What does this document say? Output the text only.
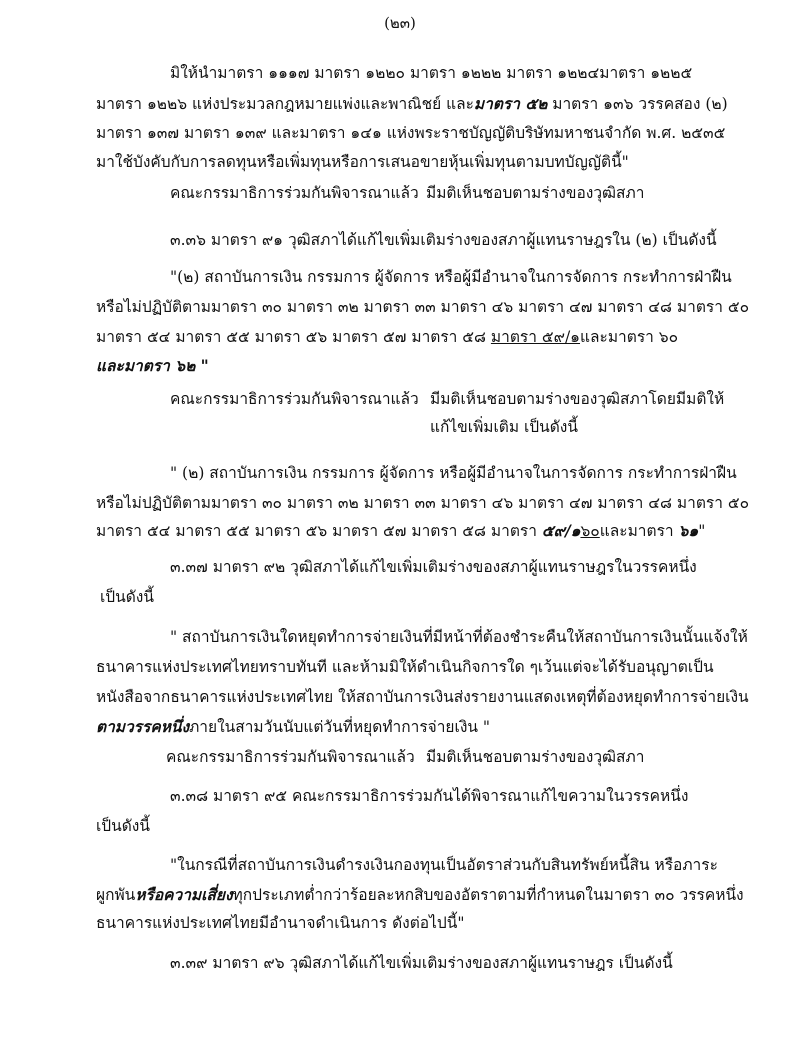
(๒๓)
มิให้นำมาตรา ๑๑๑๗ มาตรา ๑๒๒๐ มาตรา ๑๒๒๒ มาตรา ๑๒๒๔มาตรา ๑๒๒๕
มาตรา ๑๒๒๖ แห่งประมวลกฎหมายแพ่งและพาณิชย์ และมาตรา ๕๒ มาตรา ๑๓๖ วรรคสอง (๒)
มาตรา ๑๓๗ มาตรา ๑๓๙ และมาตรา ๑๔๑ แห่งพระราชบัญญัติบริษัทมหาชนจำกัด พ.ศ. ๒๕๓๕
มาใช้บังคับกับการลดทุนหรือเพิ่มทุนหรือการเสนอขายหุ้นเพิ่มทุนตามบทบัญญัตินี้"
คณะกรรมาธิการร่วมกันพิจารณาแล้ว มีมติเห็นชอบตามร่างของวุฒิสภา
๓.๓๖ มาตรา ๙๑ วุฒิสภาได้แก้ไขเพิ่มเติมร่างของสภาผู้แทนราษฎรใน (๒) เป็นดังนี้
"(๒) สถาบันการเงิน กรรมการ ผู้จัดการ หรือผู้มีอำนาจในการจัดการ กระทำการฝ่าฝืน
หรือไม่ปฏิบัติตามมาตรา ๓๐ มาตรา ๓๒ มาตรา ๓๓ มาตรา ๔๖ มาตรา ๔๗ มาตรา ๔๘ มาตรา ๕๐
มาตรา ๕๔ มาตรา ๕๕ มาตรา ๕๖ มาตรา ๕๗ มาตรา ๕๘ มาตรา ๕๙/๑และมาตรา ๖๐
และมาตรา ๖๒ "
คณะกรรมาธิการร่วมกันพิจารณาแล้ว มีมติเห็นชอบตามร่างของวุฒิสภาโดยมีมติให้
แก้ไขเพิ่มเติม เป็นดังนี้
" (๒) สถาบันการเงิน กรรมการ ผู้จัดการ หรือผู้มีอำนาจในการจัดการ กระทำการฝ่าฝืน
หรือไม่ปฏิบัติตามมาตรา ๓๐ มาตรา ๓๒ มาตรา ๓๓ มาตรา ๔๖ มาตรา ๔๗ มาตรา ๔๘ มาตรา ๕๐
มาตรา ๕๔ มาตรา ๕๕ มาตรา ๕๖ มาตรา ๕๗ มาตรา ๕๘ มาตรา ๕๙/๑๖๐และมาตรา ๖๑"
๓.๓๗ มาตรา ๙๒ วุฒิสภาได้แก้ไขเพิ่มเติมร่างของสภาผู้แทนราษฎรในวรรคหนึ่ง
เป็นดังนี้
" สถาบันการเงินใดหยุดทำการจ่ายเงินที่มีหน้าที่ต้องชำระคืนให้สถาบันการเงินนั้นแจ้งให้
ธนาคารแห่งประเทศไทยทราบทันที และห้ามมิให้ดำเนินกิจการใด ๆเว้นแต่จะได้รับอนุญาตเป็น
หนังสือจากธนาคารแห่งประเทศไทย ให้สถาบันการเงินส่งรายงานแสดงเหตุที่ต้องหยุดทำการจ่ายเงิน
ตามวรรคหนึ่งภายในสามวันนับแต่วันที่หยุดทำการจ่ายเงิน "
คณะกรรมาธิการร่วมกันพิจารณาแล้ว มีมติเห็นชอบตามร่างของวุฒิสภา
๓.๓๘ มาตรา ๙๕ คณะกรรมาธิการร่วมกันได้พิจารณาแก้ไขความในวรรคหนึ่ง
เป็นดังนี้
"ในกรณีที่สถาบันการเงินดำรงเงินกองทุนเป็นอัตราส่วนกับสินทรัพย์หนี้สิน หรือภาระ
ผูกพันหรือความเสี่ยงทุกประเภทต่ำกว่าร้อยละหกสิบของอัตราตามที่กำหนดในมาตรา ๓๐ วรรคหนึ่ง
ธนาคารแห่งประเทศไทยมีอำนาจดำเนินการ ดังต่อไปนี้"
๓.๓๙ มาตรา ๙๖ วุฒิสภาได้แก้ไขเพิ่มเติมร่างของสภาผู้แทนราษฎร เป็นดังนี้
